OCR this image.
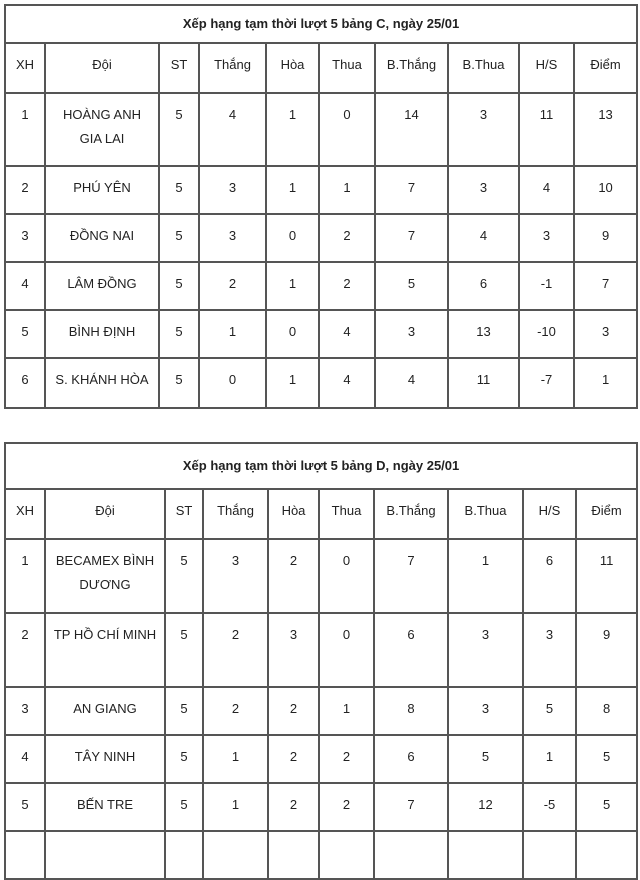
Xếp hạng tạm thời lượt 5 bảng C, ngày 25/01									
XH	Đội	ST	Thắng	Hòa	Thua	B.Thắng	B.Thua	H/S	Điểm
1	HOÀNG ANH GIA LAI	5	4	1	0	14	3	11	13
2	PHÚ YÊN	5	3	1	1	7	3	4	10
3	ĐỒNG NAI	5	3	0	2	7	4	3	9
4	LÂM ĐỒNG	5	2	1	2	5	6	-1	7
5	BÌNH ĐỊNH	5	1	0	4	3	13	-10	3
6	S. KHÁNH HÒA	5	0	1	4	4	11	-7	1
Xếp hạng tạm thời lượt 5 bảng D, ngày 25/01									
XH	Đội	ST	Thắng	Hòa	Thua	B.Thắng	B.Thua	H/S	Điểm
1	BECAMEX BÌNH DƯƠNG	5	3	2	0	7	1	6	11
2	TP HỒ CHÍ MINH	5	2	3	0	6	3	3	9
3	AN GIANG	5	2	2	1	8	3	5	8
4	TÂY NINH	5	1	2	2	6	5	1	5
5	BẾN TRE	5	1	2	2	7	12	-5	5
